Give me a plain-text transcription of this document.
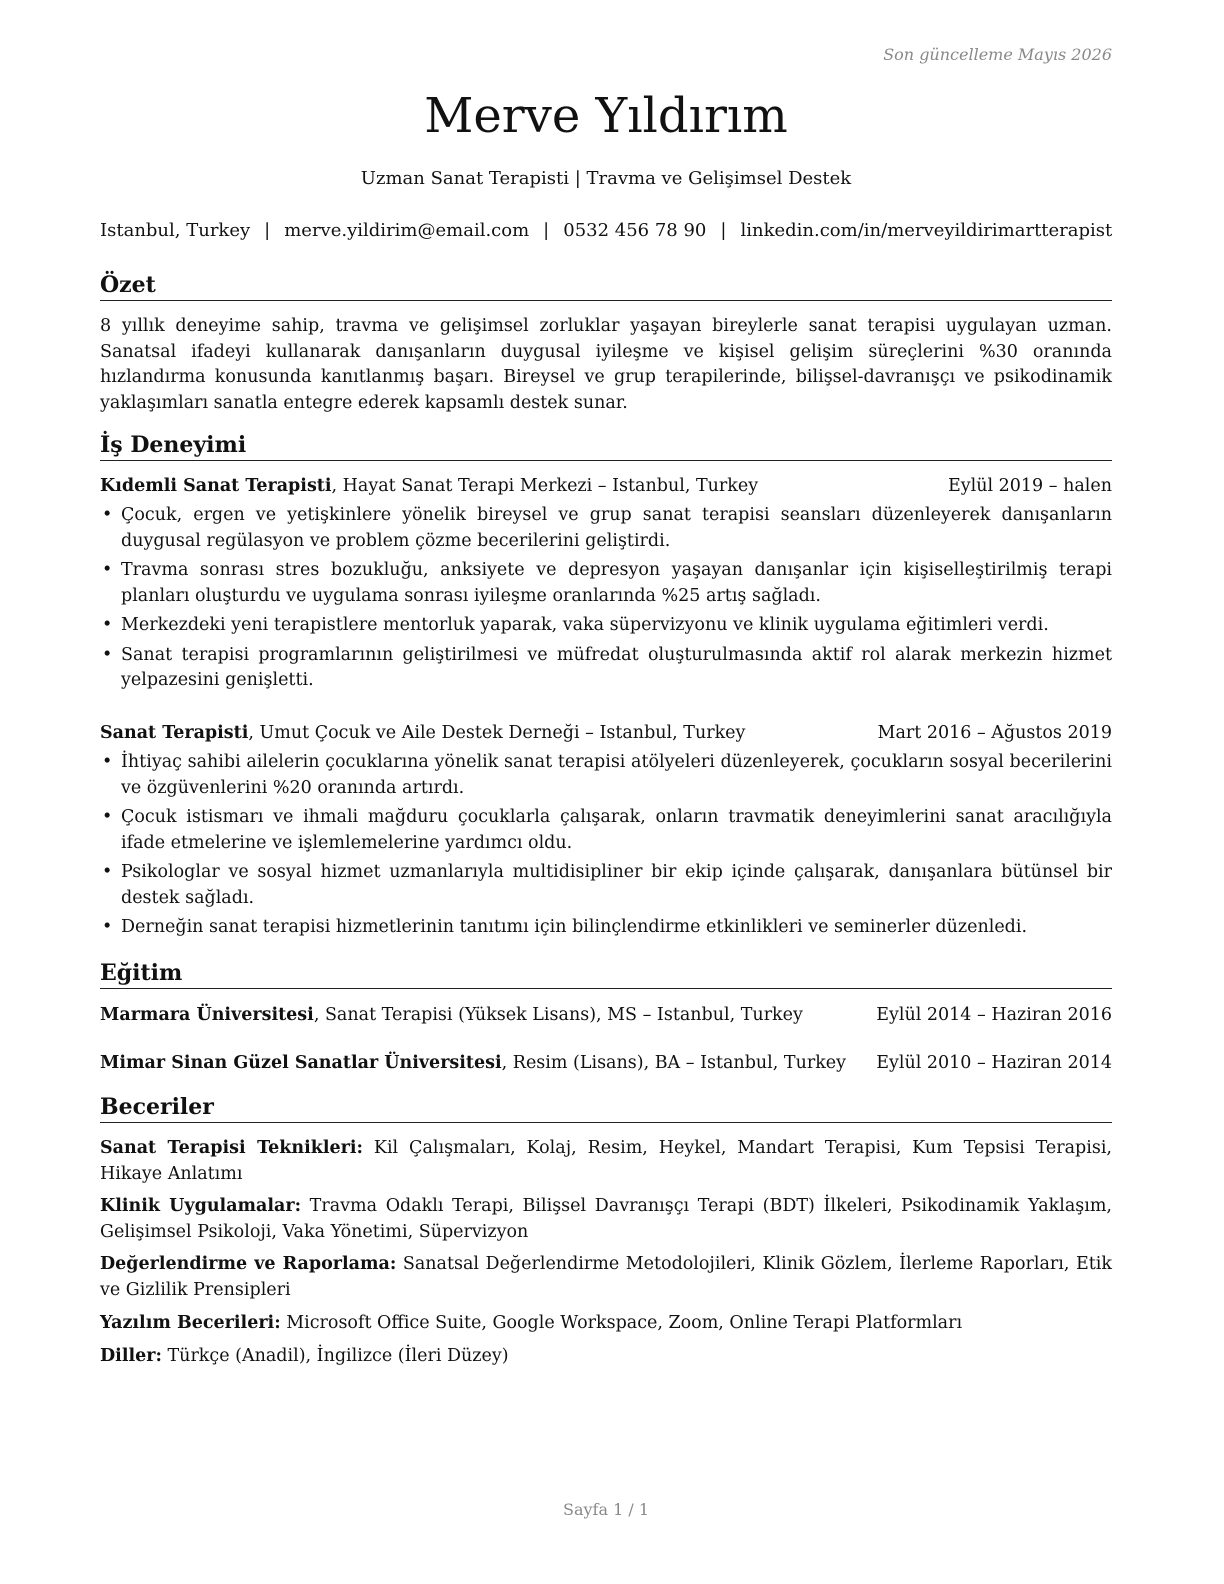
Son güncelleme Mayıs 2026
Merve Yıldırım
Uzman Sanat Terapisti | Travma ve Gelişimsel Destek
Istanbul, Turkey | merve.yildirim@email.com | 0532 456 78 90 | linkedin.com/in/merveyildirimartterapist
Özet

8 yıllık deneyime sahip, travma ve gelişimsel zorluklar yaşayan bireylerle sanat terapisi uygulayan uzman. Sanatsal ifadeyi kullanarak danışanların duygusal iyileşme ve kişisel gelişim süreçlerini %30 oranında hızlandırma konusunda kanıtlanmış başarı. Bireysel ve grup terapilerinde, bilişsel-davranışçı ve psikodinamik yaklaşımları sanatla entegre ederek kapsamlı destek sunar.

İş Deneyimi
Kıdemli Sanat Terapisti, Hayat Sanat Terapi Merkezi – Istanbul, Turkey	Eylül 2019 – halen
• Çocuk, ergen ve yetişkinlere yönelik bireysel ve grup sanat terapisi seansları düzenleyerek danışanların duygusal regülasyon ve problem çözme becerilerini geliştirdi.
• Travma sonrası stres bozukluğu, anksiyete ve depresyon yaşayan danışanlar için kişiselleştirilmiş terapi planları oluşturdu ve uygulama sonrası iyileşme oranlarında %25 artış sağladı.
• Merkezdeki yeni terapistlere mentorluk yaparak, vaka süpervizyonu ve klinik uygulama eğitimleri verdi.
• Sanat terapisi programlarının geliştirilmesi ve müfredat oluşturulmasında aktif rol alarak merkezin hizmet yelpazesini genişletti.
Sanat Terapisti, Umut Çocuk ve Aile Destek Derneği – Istanbul, Turkey	Mart 2016 – Ağustos 2019
• İhtiyaç sahibi ailelerin çocuklarına yönelik sanat terapisi atölyeleri düzenleyerek, çocukların sosyal becerilerini ve özgüvenlerini %20 oranında artırdı.
• Çocuk istismarı ve ihmali mağduru çocuklarla çalışarak, onların travmatik deneyimlerini sanat aracılığıyla ifade etmelerine ve işlemlemelerine yardımcı oldu.
• Psikologlar ve sosyal hizmet uzmanlarıyla multidisipliner bir ekip içinde çalışarak, danışanlara bütünsel bir destek sağladı.
• Derneğin sanat terapisi hizmetlerinin tanıtımı için bilinçlendirme etkinlikleri ve seminerler düzenledi.
Eğitim
Marmara Üniversitesi, Sanat Terapisi (Yüksek Lisans), MS – Istanbul, Turkey	Eylül 2014 – Haziran 2016
Mimar Sinan Güzel Sanatlar Üniversitesi, Resim (Lisans), BA – Istanbul, Turkey Eylül 2010 – Haziran 2014
Beceriler

Sanat Terapisi Teknikleri: Kil Çalışmaları, Kolaj, Resim, Heykel, Mandart Terapisi, Kum Tepsisi Terapisi, Hikaye Anlatımı

Klinik Uygulamalar: Travma Odaklı Terapi, Bilişsel Davranışçı Terapi (BDT) İlkeleri, Psikodinamik Yaklaşım, Gelişimsel Psikoloji, Vaka Yönetimi, Süpervizyon

Değerlendirme ve Raporlama: Sanatsal Değerlendirme Metodolojileri, Klinik Gözlem, İlerleme Raporları, Etik ve Gizlilik Prensipleri

Yazılım Becerileri: Microsoft Office Suite, Google Workspace, Zoom, Online Terapi Platformları

Diller: Türkçe (Anadil), İngilizce (İleri Düzey)

Sayfa 1 / 1
